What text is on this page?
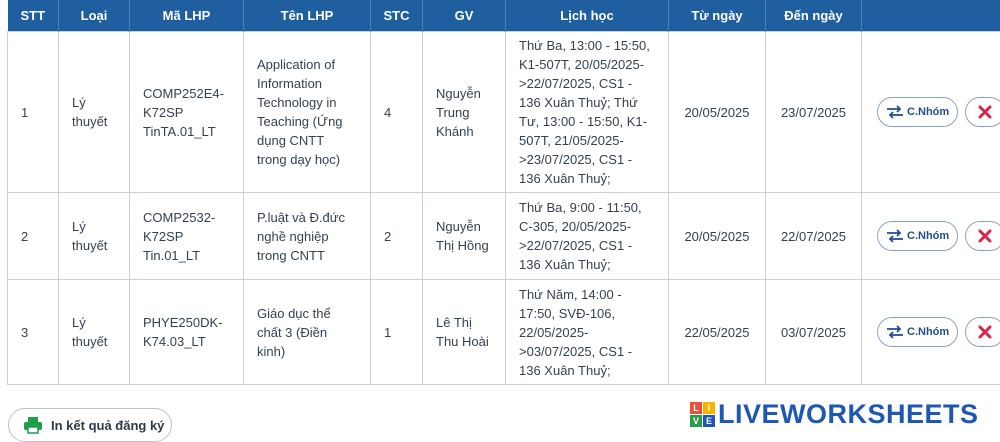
STT	Loại	Mã LHP	Tên LHP	STC	GV	Lịch học	Từ ngày	Đến ngày	
1	Lý thuyết	COMP252E4-K72SP TinTA.01_LT	Application of Information Technology in Teaching (Ứng dụng CNTT trong dạy học)	4	Nguyễn Trung Khánh	Thứ Ba, 13:00 - 15:50, K1-507T, 20/05/2025->22/07/2025, CS1 - 136 Xuân Thuỷ; Thứ Tư, 13:00 - 15:50, K1-507T, 21/05/2025->23/07/2025, CS1 - 136 Xuân Thuỷ;	20/05/2025	23/07/2025	C.Nhóm

2	Lý thuyết	COMP2532-K72SP Tin.01_LT	P.luật và Đ.đức nghề nghiệp trong CNTT	2	Nguyễn Thị Hồng	Thứ Ba, 9:00 - 11:50, C-305, 20/05/2025->22/07/2025, CS1 - 136 Xuân Thuỷ;	20/05/2025	22/07/2025	C.Nhóm

3	Lý thuyết	PHYE250DK-K74.03_LT	Giáo dục thể chất 3 (Điền kinh)	1	Lê Thị Thu Hoài	Thứ Năm, 14:00 - 17:50, SVĐ-106, 22/05/2025->03/07/2025, CS1 - 136 Xuân Thuỷ;	22/05/2025	03/07/2025	C.Nhóm

In kết quả đăng ký
L I
V E LIVEWORKSHEETS
